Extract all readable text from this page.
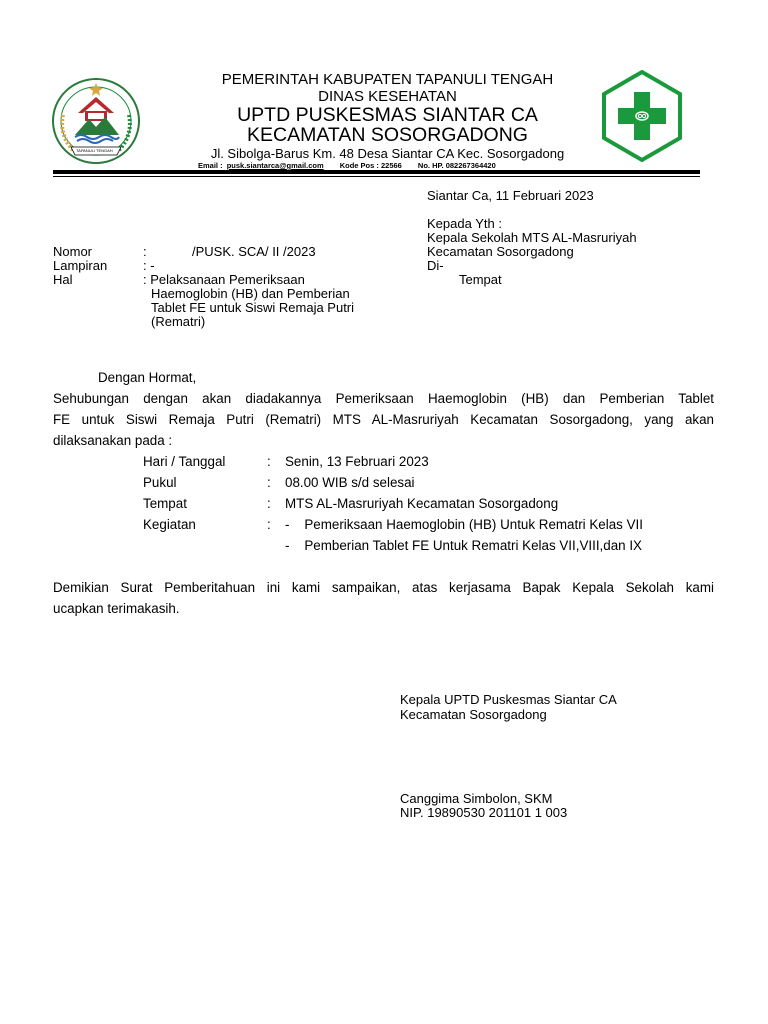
TAPANULI TENGAH
PEMERINTAH KABUPATEN TAPANULI TENGAH
DINAS KESEHATAN
UPTD PUSKESMAS SIANTAR CA
KECAMATAN SOSORGADONG
Jl. Sibolga-Barus Km. 48 Desa Siantar CA Kec. Sosorgadong
Email : pusk.siantarca@gmail.com Kode Pos : 22566 No. HP. 082267364420
Siantar Ca, 11 Februari 2023
Kepada Yth :
Kepala Sekolah MTS AL-Masruriyah
Kecamatan Sosorgadong
Di-
Tempat
Nomor	:	/PUSK. SCA/ II /2023
Lampiran	: -
Hal	: Pelaksanaan Pemeriksaan
Haemoglobin (HB) dan Pemberian
Tablet FE untuk Siswi Remaja Putri
(Rematri)
Dengan Hormat,
Sehubungan dengan akan diadakannya Pemeriksaan Haemoglobin (HB) dan Pemberian Tablet
FE untuk Siswi Remaja Putri (Rematri) MTS AL-Masruriyah Kecamatan Sosorgadong, yang akan
dilaksanakan pada :
Hari / Tanggal	: Senin, 13 Februari 2023
Pukul	: 08.00 WIB s/d selesai
Tempat	: MTS AL-Masruriyah Kecamatan Sosorgadong
Kegiatan	: -    Pemeriksaan Haemoglobin (HB) Untuk Rematri Kelas VII
-    Pemberian Tablet FE Untuk Rematri Kelas VII,VIII,dan IX
Demikian Surat Pemberitahuan ini kami sampaikan, atas kerjasama Bapak Kepala Sekolah kami
ucapkan terimakasih.
Kepala UPTD Puskesmas Siantar CA
Kecamatan Sosorgadong
Canggima Simbolon, SKM
NIP. 19890530 201101 1 003
